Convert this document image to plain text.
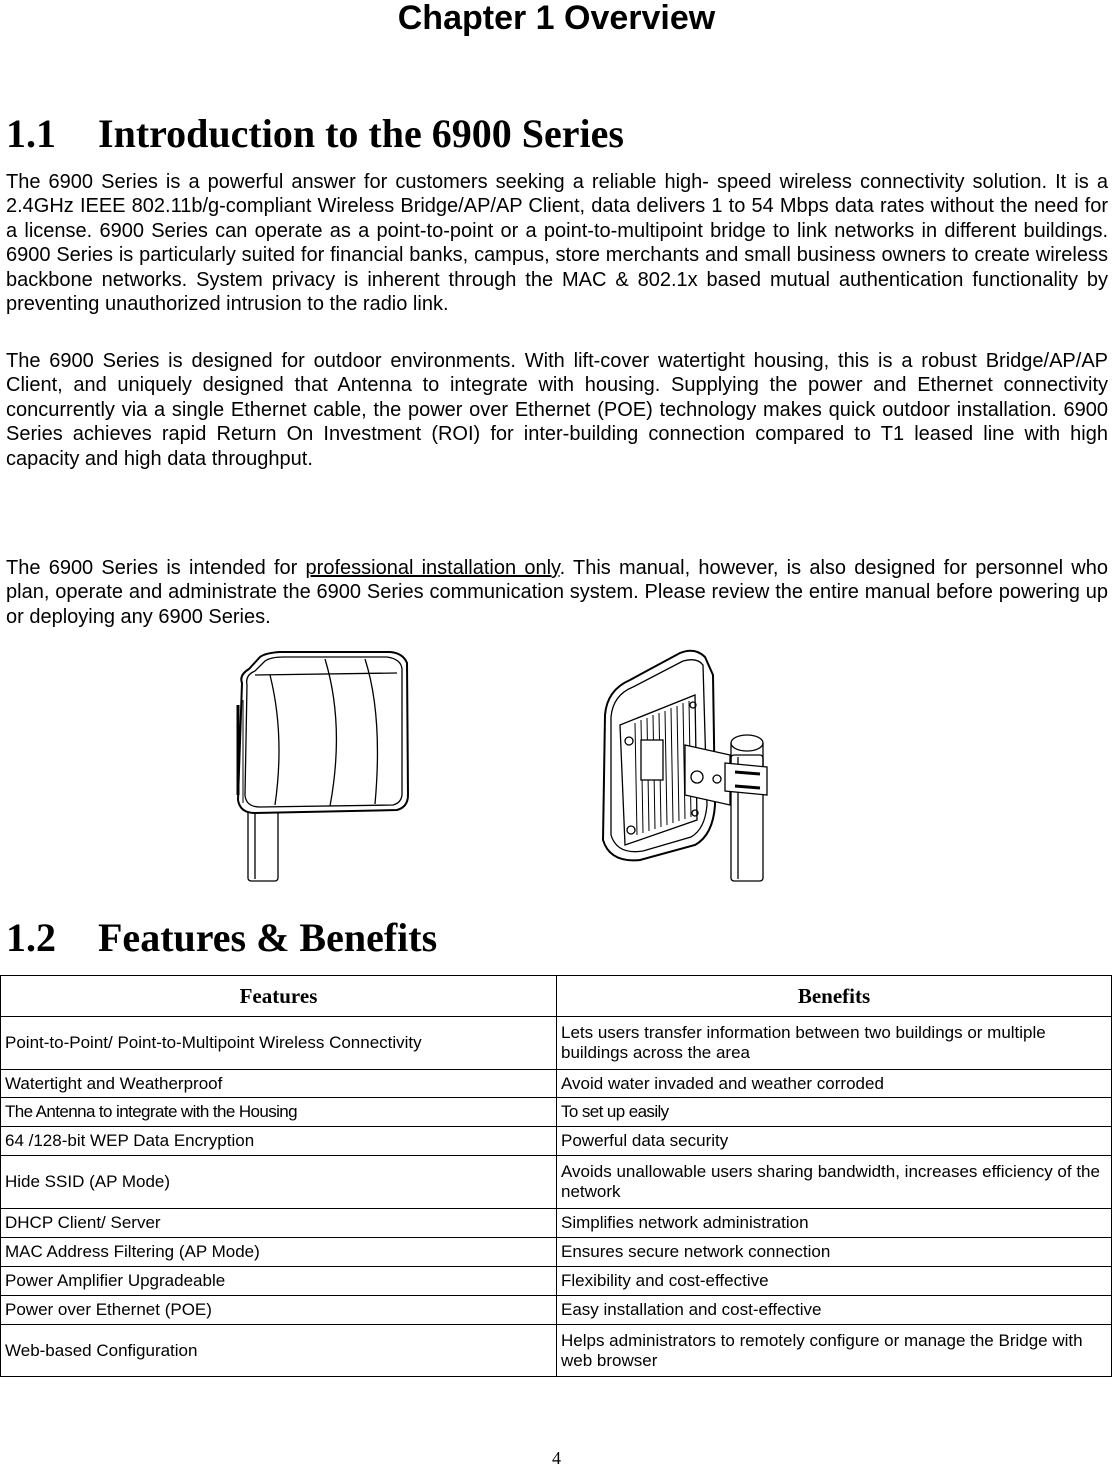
Chapter 1 Overview
1.1 Introduction to the 6900 Series

The 6900 Series is a powerful answer for customers seeking a reliable high- speed wireless connectivity solution. It is a 2.4GHz IEEE 802.11b/g-compliant Wireless Bridge/AP/AP Client, data delivers 1 to 54 Mbps data rates without the need for a license. 6900 Series can operate as a point-to-point or a point-to-multipoint bridge to link networks in different buildings. 6900 Series is particularly suited for financial banks, campus, store merchants and small business owners to create wireless backbone networks. System privacy is inherent through the MAC & 802.1x based mutual authentication functionality by preventing unauthorized intrusion to the radio link.

The 6900 Series is designed for outdoor environments. With lift-cover watertight housing, this is a robust Bridge/AP/AP Client, and uniquely designed that Antenna to integrate with housing. Supplying the power and Ethernet connectivity concurrently via a single Ethernet cable, the power over Ethernet (POE) technology makes quick outdoor installation. 6900 Series achieves rapid Return On Investment (ROI) for inter-building connection compared to T1 leased line with high capacity and high data throughput.

The 6900 Series is intended for professional installation only. This manual, however, is also designed for personnel who plan, operate and administrate the 6900 Series communication system. Please review the entire manual before powering up or deploying any 6900 Series.

1.2 Features & Benefits
Features	Benefits
Point-to-Point/ Point-to-Multipoint Wireless Connectivity	Lets users transfer information between two buildings or multiple buildings across the area
Watertight and Weatherproof	Avoid water invaded and weather corroded
The Antenna to integrate with the Housing	To set up easily
64 /128-bit WEP Data Encryption	Powerful data security
Hide SSID (AP Mode)	Avoids unallowable users sharing bandwidth, increases efficiency of the network
DHCP Client/ Server	Simplifies network administration
MAC Address Filtering (AP Mode)	Ensures secure network connection
Power Amplifier Upgradeable	Flexibility and cost-effective
Power over Ethernet (POE)	Easy installation and cost-effective
Web-based Configuration	Helps administrators to remotely configure or manage the Bridge with web browser
4
